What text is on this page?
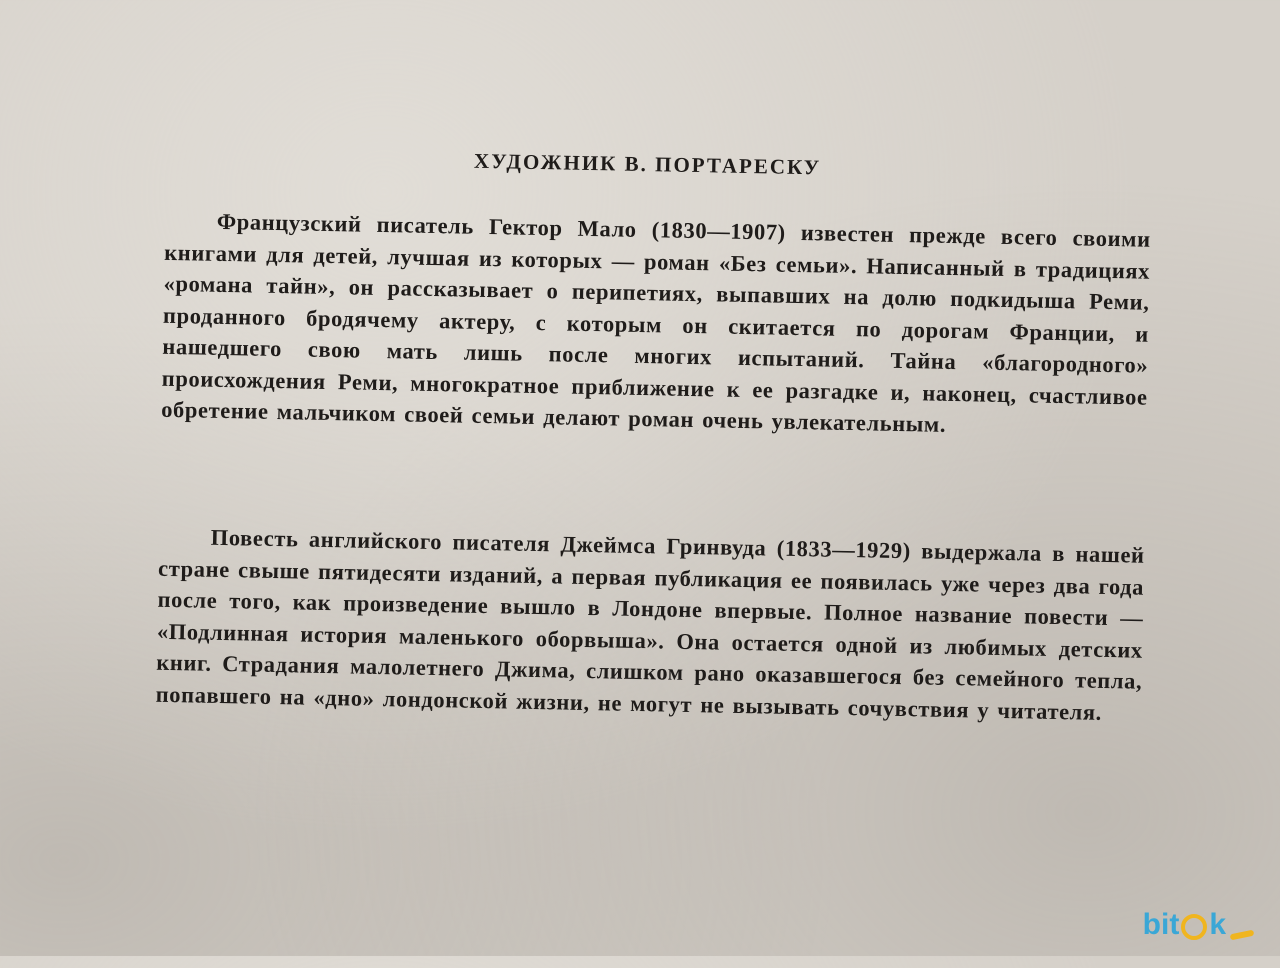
ХУДОЖНИК В. ПОРТАРЕСКУ

Французский писатель Гектор Мало (1830—1907) известен прежде всего своими книгами для детей, лучшая из которых — роман «Без семьи». Написанный в традициях «романа тайн», он рассказывает о перипетиях, выпавших на долю подкидыша Реми, проданного бродячему актеру, с которым он скитается по дорогам Франции, и нашедшего свою мать лишь после многих испытаний. Тайна «благородного» происхождения Реми, многократное приближение к ее разгадке и, наконец, счастливое обретение мальчиком своей семьи делают роман очень увлекательным.

Повесть английского писателя Джеймса Гринвуда (1833—1929) выдержала в нашей стране свыше пятидесяти изданий, а первая публикация ее появилась уже через два года после того, как произведение вышло в Лондоне впервые. Полное название повести — «Подлинная история маленького оборвыша». Она остается одной из любимых детских книг. Страдания малолетнего Джима, слишком рано оказавшегося без семейного тепла, попавшего на «дно» лондонской жизни, не могут не вызывать сочувствия у читателя.

bit k
